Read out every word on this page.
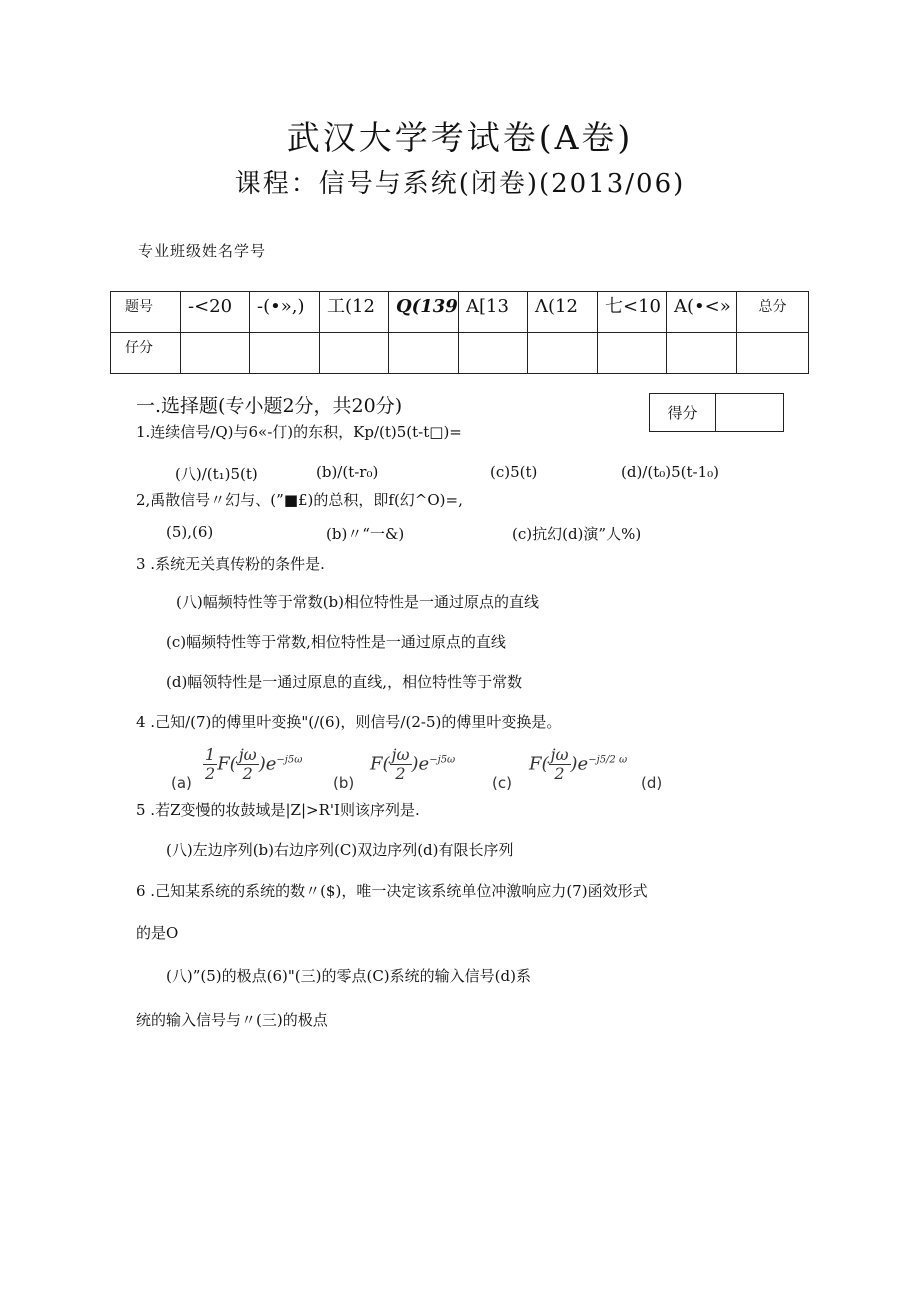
武汉大学考试卷(A卷)
课程：信号与系统(闭卷)(2013/06)
专业班级姓名学号
题号	-<20	-(•»,)	工(12	Q(139	A[13	Λ(12	七<10	A(•<»	总分

仔分									

一.选择题(专小题2分，共20分)	得分	
1.连续信号/Q)与6«-仃)的东积，Kp/(t)5(t-t□)=
(八)/(t₁)5(t)	(b)/(t-r₀)	(c)5(t)	(d)/(t₀)5(t-1₀)
2,禹散信号〃幻与、(”■£)的总积，即f(幻^O)=,
(5),(6)	(b)〃“一&)	(c)抗幻(d)演”人%)
3 .系统无关真传粉的条件是.
(八)幅频特性等于常数(b)相位特性是一通过原点的直线
(c)幅频特性等于常数,相位特性是一通过原点的直线
(d)幅领特性是一通过原息的直线,，相位特性等于常数
4 .己知/(7)的傅里叶变换"(/(6)，则信号/(2-5)的傅里叶变换是。
$(a) \frac{1}{2} F( \frac{j\omega}{2} )e^{-j5\omega}$
(b)
$F( \frac{j\omega}{2} )e^{-j5\omega}$
(c)
$F( \frac{j\omega}{2} )e^{-j5/2 \omega}$
(d)
5 .若Z变慢的妆鼓域是|Z|>R'I则该序列是.
(八)左边序列(b)右边序列(C)双边序列(d)有限长序列
6 .己知某系统的系统的数〃($)，唯一决定该系统单位冲激响应力(7)函效形式
的是O
(八)”(5)的极点(6)"(三)的零点(C)系统的输入信号(d)系
统的输入信号与〃(三)的极点
